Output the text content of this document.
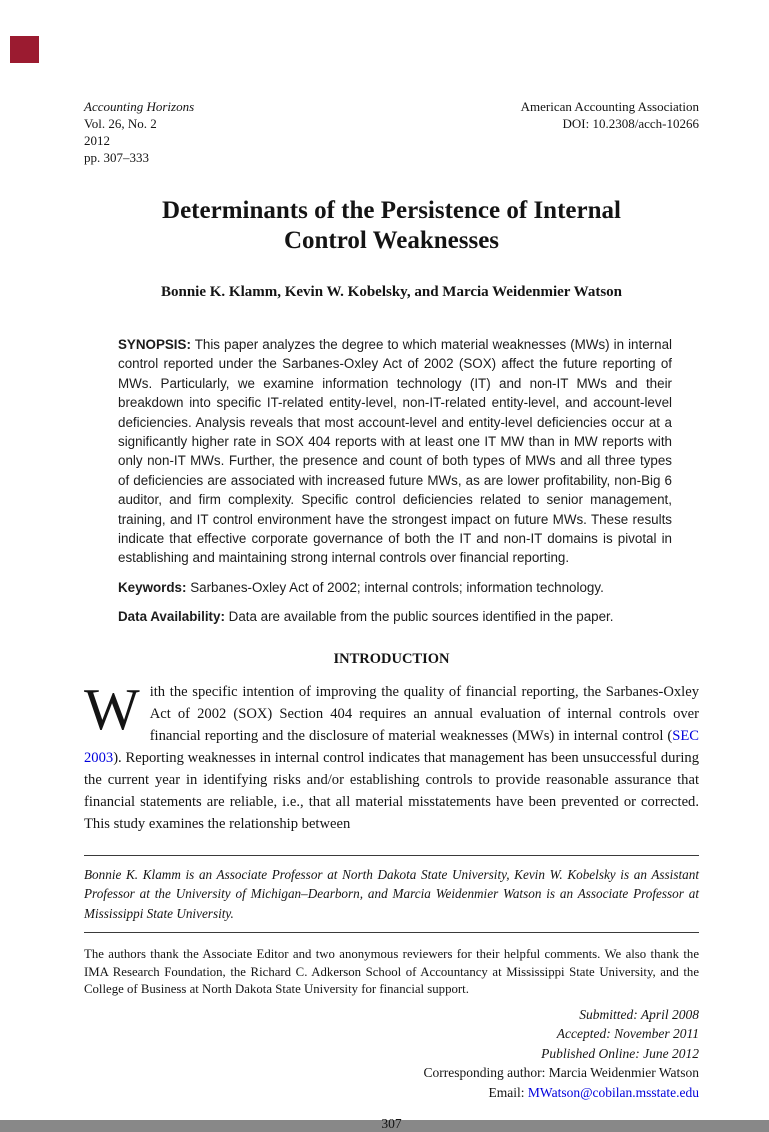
Accounting Horizons
Vol. 26, No. 2
2012
pp. 307–333
American Accounting Association
DOI: 10.2308/acch-10266
Determinants of the Persistence of Internal
Control Weaknesses
Bonnie K. Klamm, Kevin W. Kobelsky, and Marcia Weidenmier Watson

SYNOPSIS: This paper analyzes the degree to which material weaknesses (MWs) in internal control reported under the Sarbanes-Oxley Act of 2002 (SOX) affect the future reporting of MWs. Particularly, we examine information technology (IT) and non-IT MWs and their breakdown into specific IT-related entity-level, non-IT-related entity-level, and account-level deficiencies. Analysis reveals that most account-level and entity-level deficiencies occur at a significantly higher rate in SOX 404 reports with at least one IT MW than in MW reports with only non-IT MWs. Further, the presence and count of both types of MWs and all three types of deficiencies are associated with increased future MWs, as are lower profitability, non-Big 6 auditor, and firm complexity. Specific control deficiencies related to senior management, training, and IT control environment have the strongest impact on future MWs. These results indicate that effective corporate governance of both the IT and non-IT domains is pivotal in establishing and maintaining strong internal controls over financial reporting.

Keywords: Sarbanes-Oxley Act of 2002; internal controls; information technology.

Data Availability: Data are available from the public sources identified in the paper.

INTRODUCTION

With the specific intention of improving the quality of financial reporting, the Sarbanes-Oxley Act of 2002 (SOX) Section 404 requires an annual evaluation of internal controls over financial reporting and the disclosure of material weaknesses (MWs) in internal control (SEC 2003). Reporting weaknesses in internal control indicates that management has been unsuccessful during the current year in identifying risks and/or establishing controls to provide reasonable assurance that financial statements are reliable, i.e., that all material misstatements have been prevented or corrected. This study examines the relationship between

Bonnie K. Klamm is an Associate Professor at North Dakota State University, Kevin W. Kobelsky is an Assistant Professor at the University of Michigan–Dearborn, and Marcia Weidenmier Watson is an Associate Professor at Mississippi State University.

The authors thank the Associate Editor and two anonymous reviewers for their helpful comments. We also thank the IMA Research Foundation, the Richard C. Adkerson School of Accountancy at Mississippi State University, and the College of Business at North Dakota State University for financial support.

Submitted: April 2008
Accepted: November 2011
Published Online: June 2012
Corresponding author: Marcia Weidenmier Watson
Email: MWatson@cobilan.msstate.edu
307
